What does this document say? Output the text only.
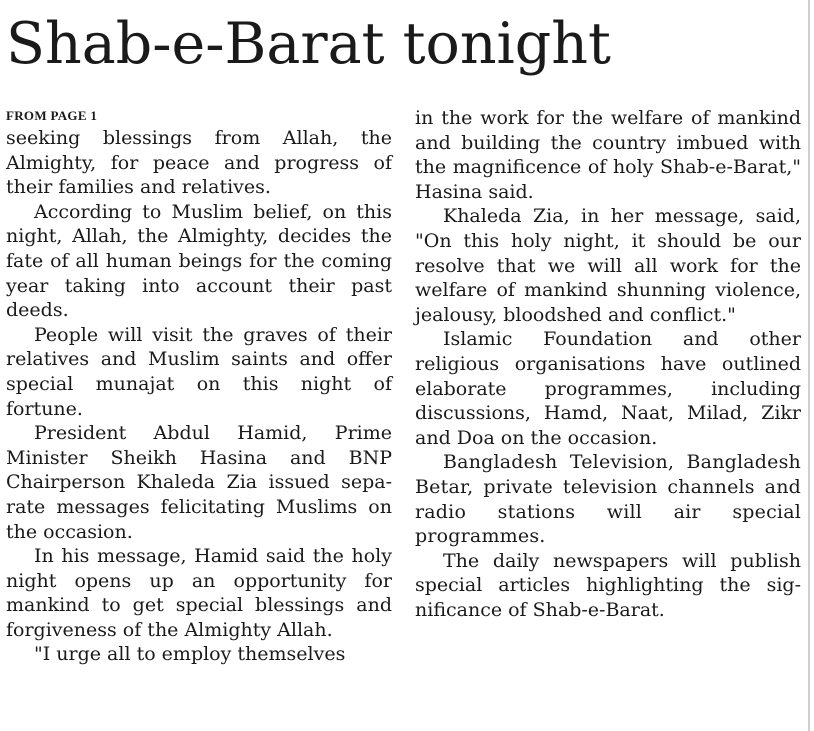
Shab-e-Barat tonight
FROM PAGE 1

seeking blessings from Allah, the Almighty, for peace and progress of their families and relatives.

According to Muslim belief, on this night, Allah, the Almighty, decides the fate of all human beings for the coming year taking into account their past deeds.

People will visit the graves of their relatives and Muslim saints and offer special munajat on this night of fortune.

President Abdul Hamid, Prime Minister Sheikh Hasina and BNP Chairperson Khaleda Zia issued separate messages felicitating Muslims on the occasion.

In his message, Hamid said the holy night opens up an opportunity for mankind to get special blessings and forgiveness of the Almighty Allah.

"I urge all to employ themselves

in the work for the welfare of mankind and building the country imbued with the magnificence of holy Shab-e-Barat," Hasina said.

Khaleda Zia, in her message, said, "On this holy night, it should be our resolve that we will all work for the welfare of mankind shunning violence, jealousy, bloodshed and conflict."

Islamic Foundation and other religious organisations have outlined elaborate programmes, including discussions, Hamd, Naat, Milad, Zikr and Doa on the occasion.

Bangladesh Television, Bangladesh Betar, private television channels and radio stations will air special programmes.

The daily newspapers will publish special articles highlighting the significance of Shab-e-Barat.
